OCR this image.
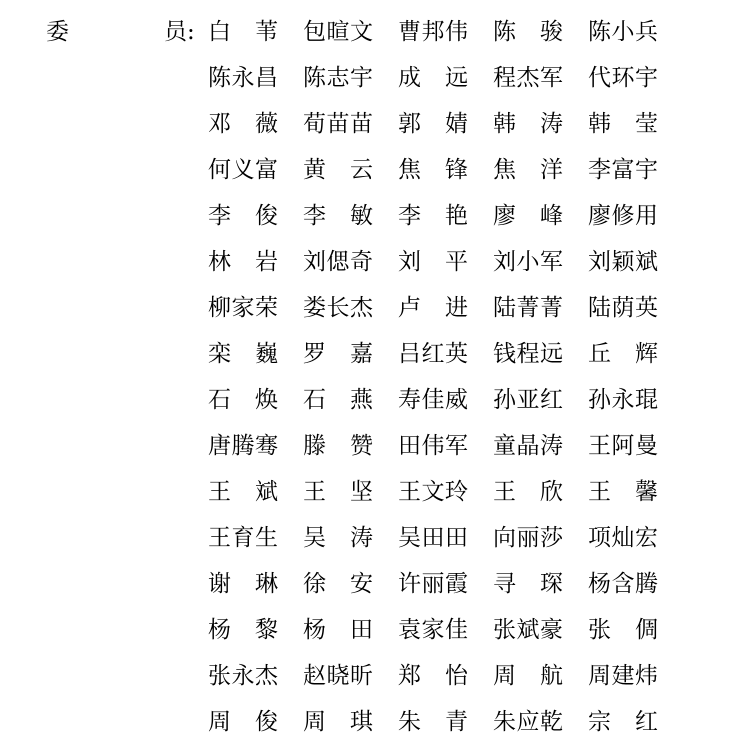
委	员: 白 苇 包 暄 文 曹 邦 伟 陈 骏 陈 小 兵
陈 永 昌 陈 志 宇 成 远 程 杰 军 代 环 宇
邓 薇 荀 苗 苗 郭 婧 韩 涛 韩 莹
何 义 富 黄 云 焦 锋 焦 洋 李 富 宇
李 俊 李 敏 李 艳 廖 峰 廖 修 用
林 岩 刘 偲 奇 刘 平 刘 小 军 刘 颖 斌
柳 家 荣 娄 长 杰 卢 进 陆 菁 菁 陆 荫 英
栾 巍 罗 嘉 吕 红 英 钱 程 远 丘 辉
石 焕 石 燕 寿 佳 威 孙 亚 红 孙 永 琨
唐 腾 骞 滕 赞 田 伟 军 童 晶 涛 王 阿 曼
王 斌 王 坚 王 文 玲 王 欣 王 馨
王 育 生 吴 涛 吴 田 田 向 丽 莎 项 灿 宏
谢 琳 徐 安 许 丽 霞 寻 琛 杨 含 腾
杨 黎 杨 田 袁 家 佳 张 斌 豪 张 倜
张 永 杰 赵 晓 昕 郑 怡 周 航 周 建 炜
周 俊 周 琪 朱 青 朱 应 乾 宗 红
